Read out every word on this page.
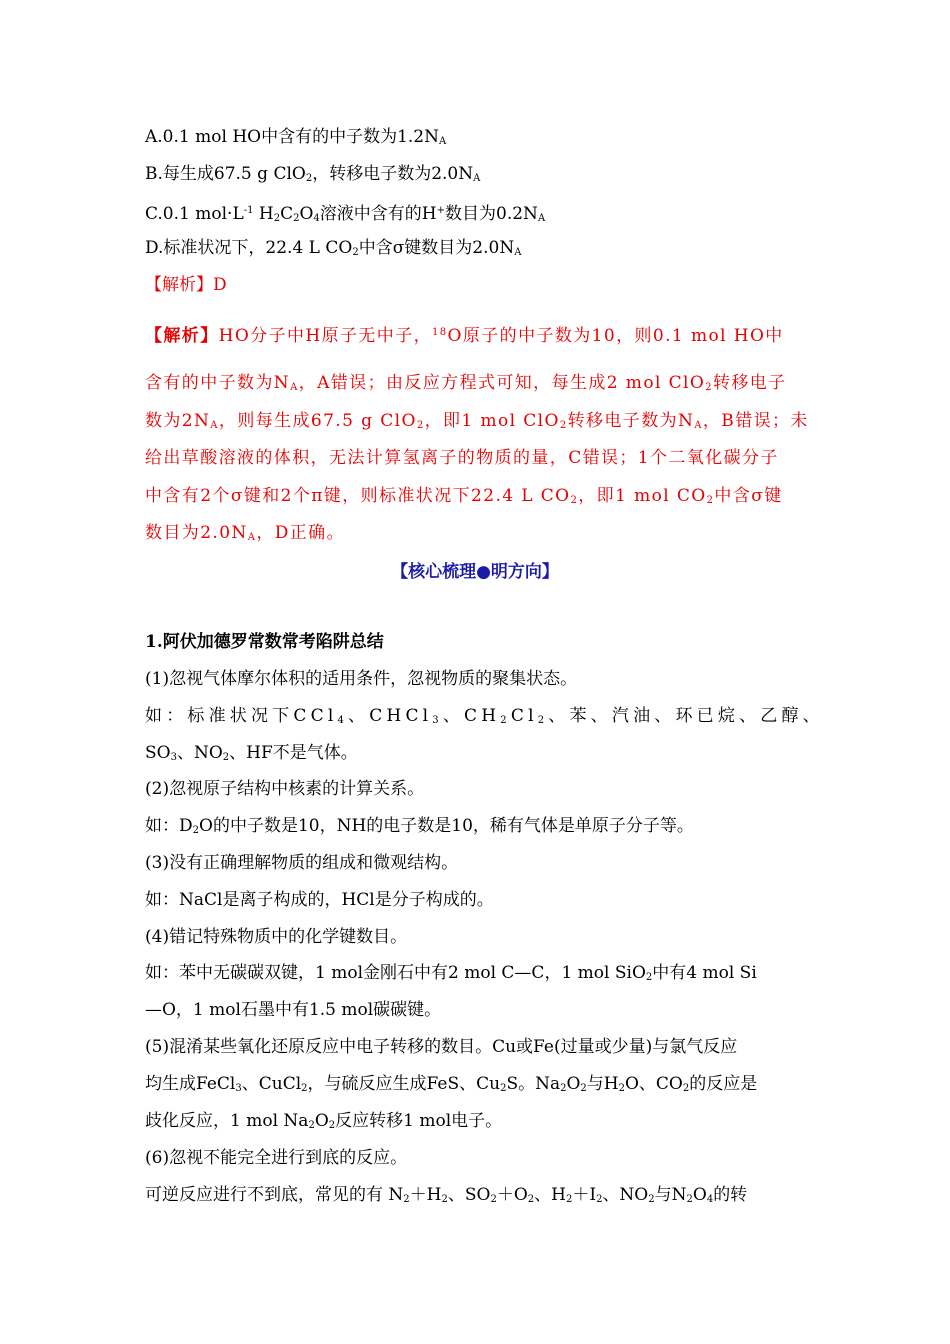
A.0.1 mol HO中含有的中子数为$1.2N_A$
B.每生成67.5 g ClO$_2$，转移电子数为$2.0N_A$
C.0.1 $mol\cdot L^{-1}$ $H_2C_2O_4$溶液中含有的H+数目为$0.2N_A$
D.标准状况下，22.4 L $CO_2$中含σ键数目为$2.0N_A$
【解析】D
【解析】HO分子中H原子无中子，$^{18}$O原子的中子数为10，则0.1 mol HO中
含有的中子数为$N_A$，A错误；由反应方程式可知，每生成2 mol ClO$_2$转移电子
数为$2N_A$，则每生成67.5 g ClO$_2$，即1 mol ClO$_2$转移电子数为$N_A$，B错误；未
给出草酸溶液的体积，无法计算氢离子的物质的量，C错误；1个二氧化碳分子
中含有2个σ键和2个π键，则标准状况下22.4 L $CO_2$，即1 mol $CO_2$中含σ键
数目为$2.0N_A$，D正确。
【核心梳理●明方向】
1.阿伏加德罗常数常考陷阱总结
(1)忽视气体摩尔体积的适用条件，忽视物质的聚集状态。
如：标准状况下CCl$_4$、CHCl$_3$、$CH_2Cl_2$、苯、汽油、环已烷、乙醇、
$SO_3$、$NO_2$、HF不是气体。
(2)忽视原子结构中核素的计算关系。
如：$D_2O$的中子数是10，NH的电子数是10，稀有气体是单原子分子等。
(3)没有正确理解物质的组成和微观结构。
如：NaCl是离子构成的，HCl是分子构成的。
(4)错记特殊物质中的化学键数目。
如：苯中无碳碳双键，1 mol金刚石中有2 mol C—C，1 mol SiO$_2$中有4 mol Si
—O，1 mol石墨中有1.5 mol碳碳键。
(5)混淆某些氧化还原反应中电子转移的数目。Cu或Fe(过量或少量)与氯气反应
均生成FeCl$_3$、CuCl$_2$，与硫反应生成FeS、$Cu_2S$。$Na_2O_2$与$H_2O$、$CO_2$的反应是
歧化反应，1 mol $Na_2O_2$反应转移1 mol电子。
(6)忽视不能完全进行到底的反应。
可逆反应进行不到底，常见的有 $N_2+H_2$、$SO_2+O_2$、$H_2+I_2$、$NO_2$与$N_2O_4$的转
